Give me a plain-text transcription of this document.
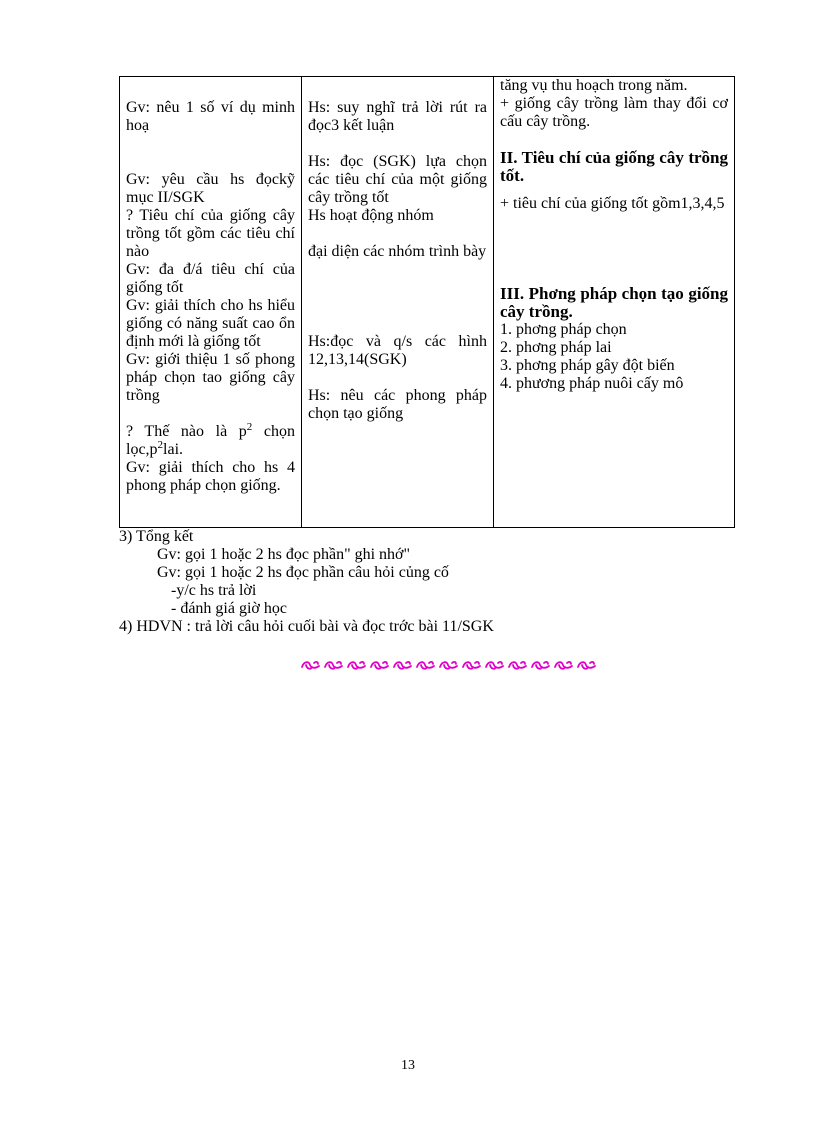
Gv: nêu 1 số ví dụ minh hoạ
Gv: yêu cầu hs đọckỹ mục II/SGK
? Tiêu chí của giống cây trồng tốt gồm các tiêu chí nào
Gv: đa đ/á tiêu chí của giống tốt
Gv: giải thích cho hs hiểu giống có năng suất cao ổn định mới là giống tốt
Gv: giới thiệu 1 số phong pháp chọn tao giống cây trồng
? Thế nào là $p^2$ chọn $lọc,p^2lai$.
Gv: giải thích cho hs 4 phong pháp chọn giống.

Hs: suy nghĩ trả lời rút ra đọc3 kết luận
Hs: đọc (SGK) lựa chọn các tiêu chí của một giống cây trồng tốt
Hs hoạt động nhóm
đại diện các nhóm trình bày
Hs:đọc và q/s các hình 12,13,14(SGK)
Hs: nêu các phong pháp chọn tạo giống

tăng vụ thu hoạch trong năm.
+ giống cây trồng làm thay đổi cơ cấu cây trồng.
II. Tiêu chí của giống cây trồng tốt.
+ tiêu chí của giống tốt gồm1,3,4,5
III. Phơng pháp chọn tạo giống cây trồng.
1. phơng pháp chọn
2. phơng pháp lai
3. phơng pháp gây đột biến
4. phương pháp nuôi cấy mô
3) Tổng kết
Gv: gọi 1 hoặc 2 hs đọc phần" ghi nhớ"
Gv: gọi 1 hoặc 2 hs đọc phần câu hỏi củng cố
-y/c hs trả lời
- đánh giá giờ học
4) HDVN : trả lời câu hỏi cuối bài và đọc trớc bài 11/SGK
13
